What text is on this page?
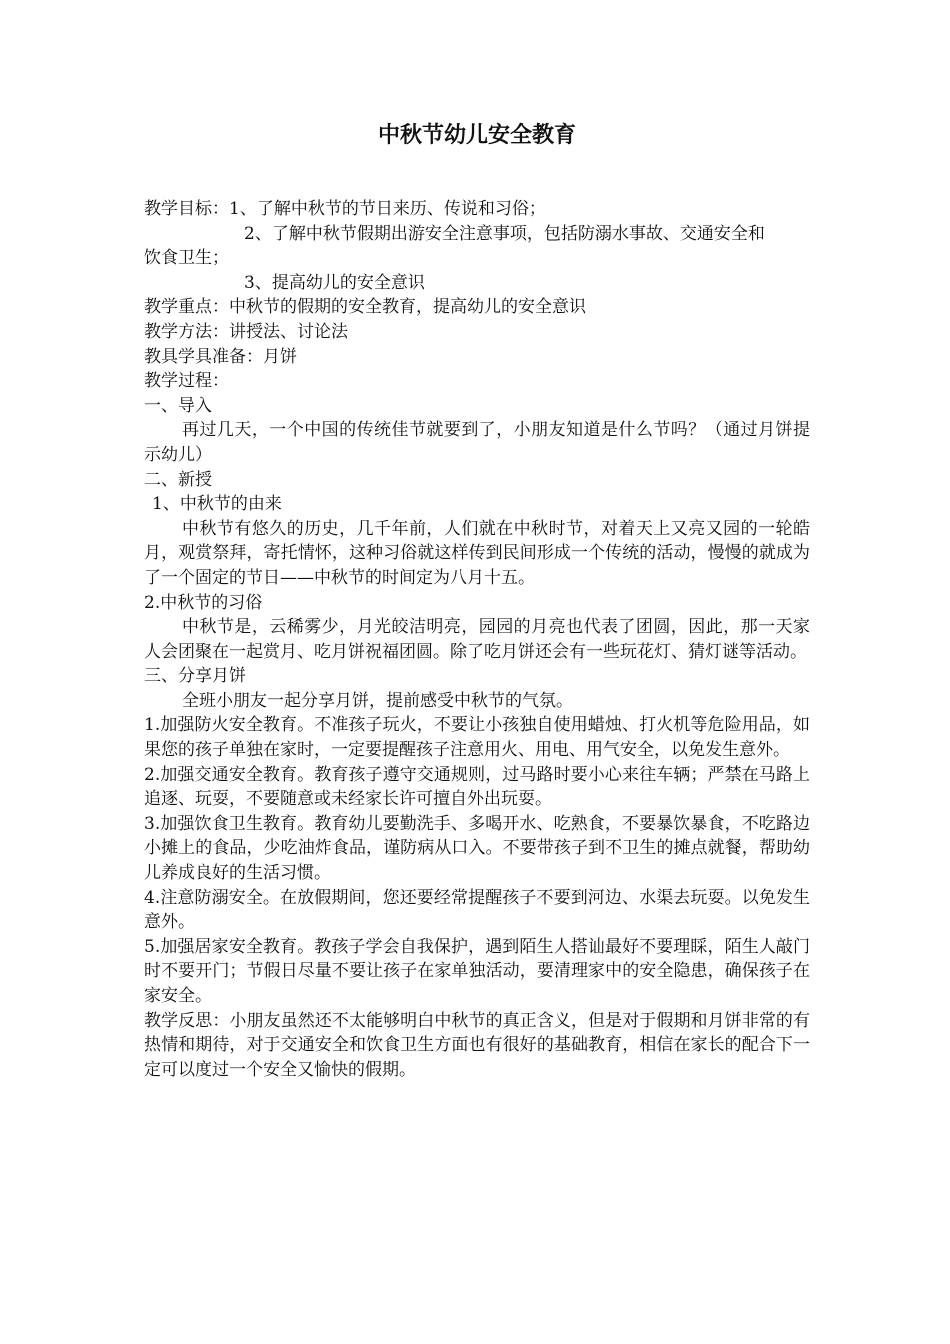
中秋节幼儿安全教育

教学目标：1、了解中秋节的节日来历、传说和习俗；

2、了解中秋节假期出游安全注意事项，包括防溺水事故、交通安全和

饮食卫生；

3、提高幼儿的安全意识

教学重点：中秋节的假期的安全教育，提高幼儿的安全意识

教学方法：讲授法、讨论法

教具学具准备：月饼

教学过程：

一、导入

再过几天，一个中国的传统佳节就要到了，小朋友知道是什么节吗？（通过月饼提示幼儿）

二、新授

1、中秋节的由来

中秋节有悠久的历史，几千年前，人们就在中秋时节，对着天上又亮又园的一轮皓月，观赏祭拜，寄托情怀，这种习俗就这样传到民间形成一个传统的活动，慢慢的就成为了一个固定的节日——中秋节的时间定为八月十五。

2.中秋节的习俗

中秋节是，云稀雾少，月光皎洁明亮，园园的月亮也代表了团圆，因此，那一天家人会团聚在一起赏月、吃月饼祝福团圆。除了吃月饼还会有一些玩花灯、猜灯谜等活动。

三、分享月饼

全班小朋友一起分享月饼，提前感受中秋节的气氛。

1.加强防火安全教育。不准孩子玩火，不要让小孩独自使用蜡烛、打火机等危险用品，如果您的孩子单独在家时，一定要提醒孩子注意用火、用电、用气安全，以免发生意外。

2.加强交通安全教育。教育孩子遵守交通规则，过马路时要小心来往车辆；严禁在马路上追逐、玩耍，不要随意或未经家长许可擅自外出玩耍。

3.加强饮食卫生教育。教育幼儿要勤洗手、多喝开水、吃熟食，不要暴饮暴食，不吃路边小摊上的食品，少吃油炸食品，谨防病从口入。不要带孩子到不卫生的摊点就餐，帮助幼儿养成良好的生活习惯。

4.注意防溺安全。在放假期间，您还要经常提醒孩子不要到河边、水渠去玩耍。以免发生意外。

5.加强居家安全教育。教孩子学会自我保护，遇到陌生人搭讪最好不要理睬，陌生人敲门时不要开门；节假日尽量不要让孩子在家单独活动，要清理家中的安全隐患，确保孩子在家安全。

教学反思：小朋友虽然还不太能够明白中秋节的真正含义，但是对于假期和月饼非常的有热情和期待，对于交通安全和饮食卫生方面也有很好的基础教育，相信在家长的配合下一定可以度过一个安全又愉快的假期。
